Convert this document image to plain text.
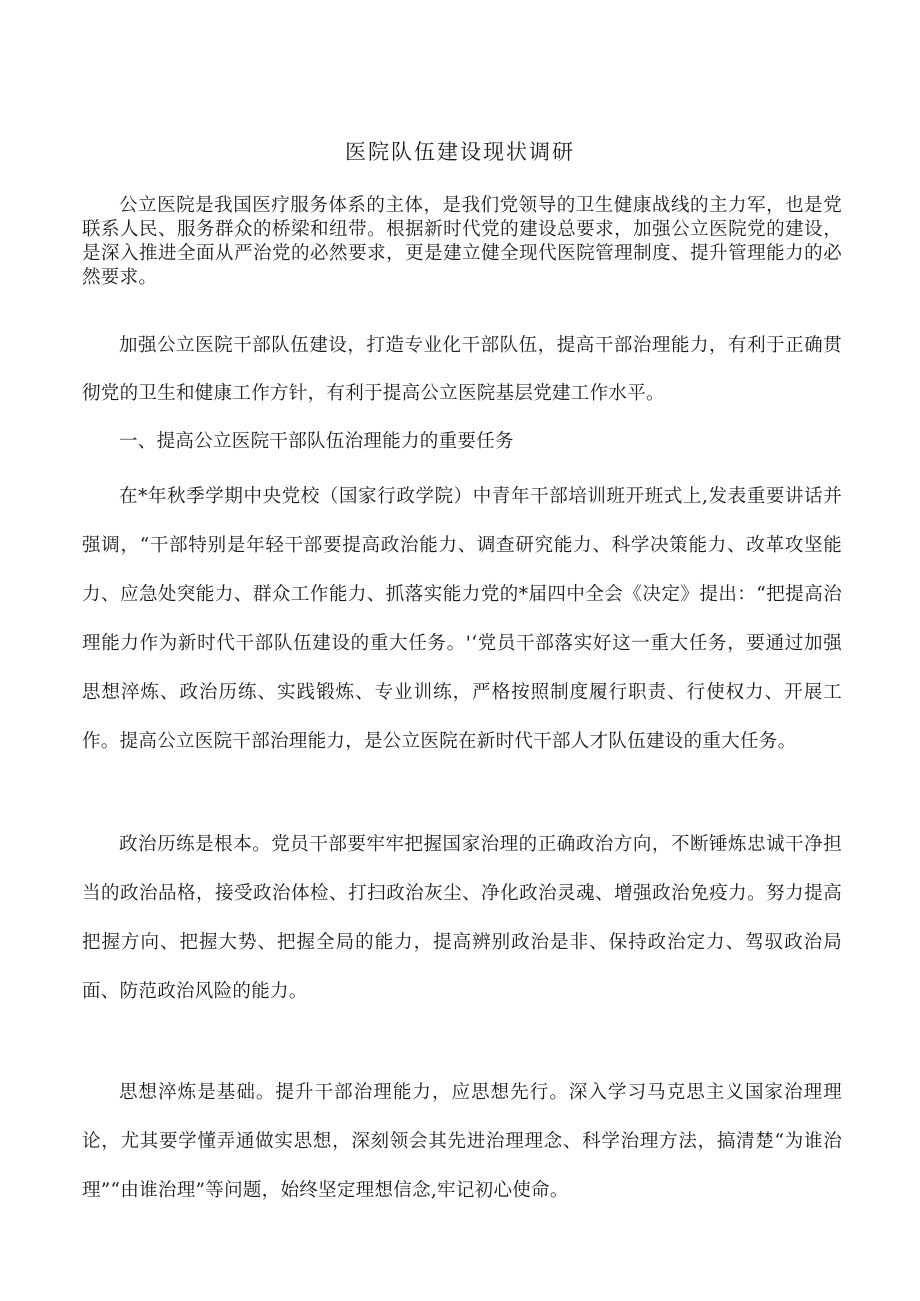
医院队伍建设现状调研

公立医院是我国医疗服务体系的主体，是我们党领导的卫生健康战线的主力军，也是党联系人民、服务群众的桥梁和纽带。根据新时代党的建设总要求，加强公立医院党的建设，是深入推进全面从严治党的必然要求，更是建立健全现代医院管理制度、提升管理能力的必然要求。

加强公立医院干部队伍建设，打造专业化干部队伍，提高干部治理能力，有利于正确贯彻党的卫生和健康工作方针，有利于提高公立医院基层党建工作水平。

一、提高公立医院干部队伍治理能力的重要任务

在*年秋季学期中央党校（国家行政学院）中青年干部培训班开班式上,发表重要讲话并强调，“干部特别是年轻干部要提高政治能力、调查研究能力、科学决策能力、改革攻坚能力、应急处突能力、群众工作能力、抓落实能力党的*届四中全会《决定》提出：“把提高治理能力作为新时代干部队伍建设的重大任务。'‘党员干部落实好这一重大任务，要通过加强思想淬炼、政治历练、实践锻炼、专业训练，严格按照制度履行职责、行使权力、开展工作。提高公立医院干部治理能力，是公立医院在新时代干部人才队伍建设的重大任务。

政治历练是根本。党员干部要牢牢把握国家治理的正确政治方向，不断锤炼忠诚干净担当的政治品格，接受政治体检、打扫政治灰尘、净化政治灵魂、增强政治免疫力。努力提高把握方向、把握大势、把握全局的能力，提高辨别政治是非、保持政治定力、驾驭政治局面、防范政治风险的能力。

思想淬炼是基础。提升干部治理能力，应思想先行。深入学习马克思主义国家治理理论，尤其要学懂弄通做实思想，深刻领会其先进治理理念、科学治理方法，搞清楚“为谁治理”“由谁治理”等问题，始终坚定理想信念,牢记初心使命。
